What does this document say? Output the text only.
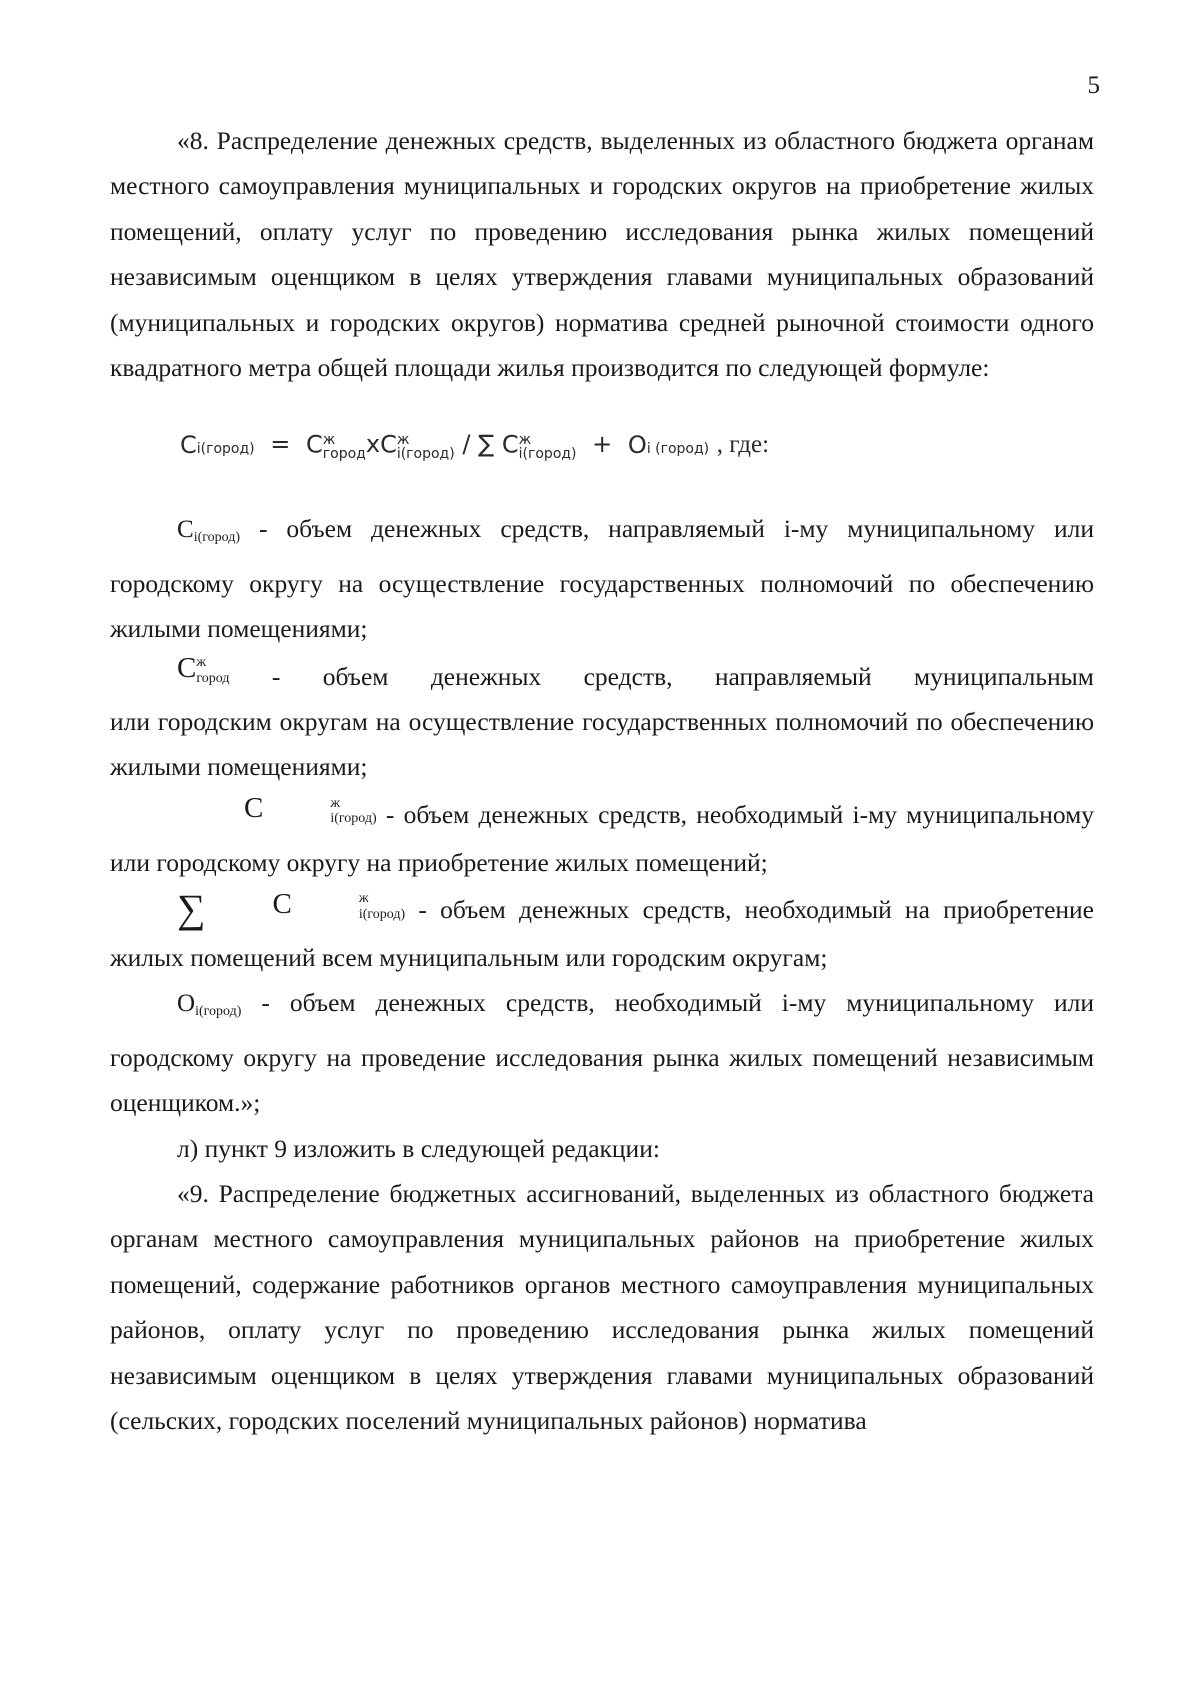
5

«8. Распределение денежных средств, выделенных из областного бюджета органам местного самоуправления муниципальных и городских округов на приобретение жилых помещений, оплату услуг по проведению исследования рынка жилых помещений независимым оценщиком в целях утверждения главами муниципальных образований (муниципальных и городских округов) норматива средней рыночной стоимости одного квадратного метра общей площади жилья производится по следующей формуле:

Ci(город) = C ж
город xC ж
i(город) / ∑ C ж
i(город) + Oi (город) , где:

Ci(город) - объем денежных средств, направляемый i-му муниципальному или городскому округу на осуществление государственных полномочий по обеспечению жилыми помещениями;

C ж
город - объем денежных средств, направляемый муниципальным

или городским округам на осуществление государственных полномочий по обеспечению жилыми помещениями;

C	ж
i(город) - объем денежных средств, необходимый i-му муниципальному или городскому округу на приобретение жилых помещений;

∑ C	ж
i(город) - объем денежных средств, необходимый на приобретение жилых помещений всем муниципальным или городским округам;

Oi(город) - объем денежных средств, необходимый i-му муниципальному или городскому округу на проведение исследования рынка жилых помещений независимым оценщиком.»;

л) пункт 9 изложить в следующей редакции:

«9. Распределение бюджетных ассигнований, выделенных из областного бюджета органам местного самоуправления муниципальных районов на приобретение жилых помещений, содержание работников органов местного самоуправления муниципальных районов, оплату услуг по проведению исследования рынка жилых помещений независимым оценщиком в целях утверждения главами муниципальных образований (сельских, городских поселений муниципальных районов) норматива
